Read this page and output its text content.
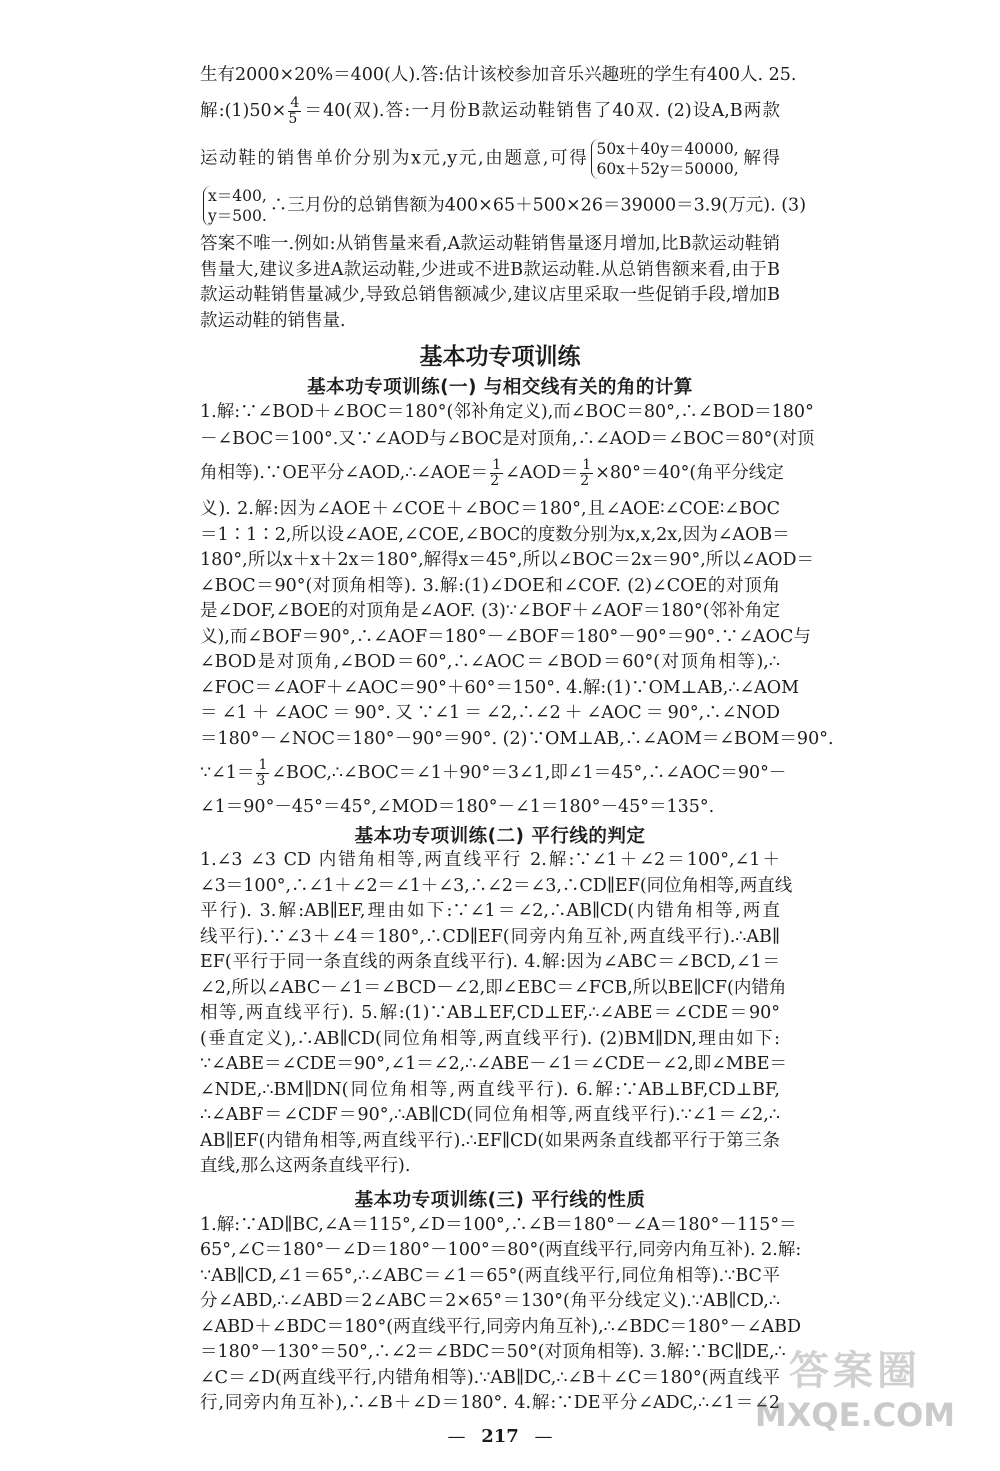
生有2000×20%＝400(人).答:估计该校参加音乐兴趣班的学生有400人. 25.
解:(1)50× $\frac{4}{5} =40$(双).答:一月份B款运动鞋销售了40双. (2)设A,B两款
运动鞋的销售单价分别为x元,y元,由题意,可得 50x＋40y＝40000,
60x＋52y＝50000,
解得
x＝400,
y＝500.
∴三月份的总销售额为400×65＋500×26＝39000＝3.9(万元). (3)
答案不唯一.例如:从销售量来看,A款运动鞋销售量逐月增加,比B款运动鞋销
售量大,建议多进A款运动鞋,少进或不进B款运动鞋.从总销售额来看,由于B
款运动鞋销售量减少,导致总销售额减少,建议店里采取一些促销手段,增加B
款运动鞋的销售量.
基本功专项训练
基本功专项训练(一) 与相交线有关的角的计算
1.解:∵∠BOD＋∠BOC＝180°(邻补角定义),而∠BOC＝80°,∴∠BOD＝180°
－∠BOC＝100°.又∵∠AOD与∠BOC是对顶角,∴∠AOD＝∠BOC＝80°(对顶
角相等).∵OE平分∠AOD,∴∠AOE＝ $\frac{1}{2}$ ∠AOD＝ $\frac{1}{2} \times 80^\circ=40^\circ$(角平分线定
义). 2.解:因为∠AOE＋∠COE＋∠BOC＝180°,且∠AOE∶∠COE∶∠BOC
＝1∶1∶2,所以设∠AOE,∠COE,∠BOC的度数分别为x,x,2x,因为∠AOB＝
180°,所以x＋x＋2x＝180°,解得x＝45°,所以∠BOC＝2x＝90°,所以∠AOD＝
∠BOC＝90°(对顶角相等). 3.解:(1)∠DOE和∠COF. (2)∠COE的对顶角
是∠DOF,∠BOE的对顶角是∠AOF. (3)∵∠BOF＋∠AOF＝180°(邻补角定
义),而∠BOF＝90°,∴∠AOF＝180°－∠BOF＝180°－90°＝90°.∵∠AOC与
∠BOD是对顶角,∠BOD＝60°,∴∠AOC＝∠BOD＝60°(对顶角相等),∴
∠FOC＝∠AOF＋∠AOC＝90°＋60°＝150°. 4.解:(1)∵OM⊥AB,∴∠AOM
＝∠1＋∠AOC＝90°.又∵∠1＝∠2,∴∠2＋∠AOC＝90°,∴∠NOD
＝180°－∠NOC＝180°－90°＝90°. (2)∵OM⊥AB,∴∠AOM＝∠BOM＝90°.
∵∠1＝ $\frac{1}{3}$ ∠BOC,∴∠BOC＝∠1＋90°＝3∠1,即∠1＝45°,∴∠AOC＝90°－
∠1＝90°－45°＝45°,∠MOD＝180°－∠1＝180°－45°＝135°.
基本功专项训练(二) 平行线的判定
1.∠3 ∠3 CD 内错角相等,两直线平行 2.解:∵∠1＋∠2＝100°,∠1＋
∠3＝100°,∴∠1＋∠2＝∠1＋∠3,∴∠2＝∠3,∴CD∥EF(同位角相等,两直线
平行). 3.解:AB∥EF,理由如下:∵∠1＝∠2,∴AB∥CD(内错角相等,两直
线平行).∵∠3＋∠4＝180°,∴CD∥EF(同旁内角互补,两直线平行).∴AB∥
EF(平行于同一条直线的两条直线平行). 4.解:因为∠ABC＝∠BCD,∠1＝
∠2,所以∠ABC－∠1＝∠BCD－∠2,即∠EBC＝∠FCB,所以BE∥CF(内错角
相等,两直线平行). 5.解:(1)∵AB⊥EF,CD⊥EF,∴∠ABE＝∠CDE＝90°
(垂直定义),∴AB∥CD(同位角相等,两直线平行). (2)BM∥DN,理由如下:
∵∠ABE＝∠CDE＝90°,∠1＝∠2,∴∠ABE－∠1＝∠CDE－∠2,即∠MBE＝
∠NDE,∴BM∥DN(同位角相等,两直线平行). 6.解:∵AB⊥BF,CD⊥BF,
∴∠ABF＝∠CDF＝90°,∴AB∥CD(同位角相等,两直线平行).∵∠1＝∠2,∴
AB∥EF(内错角相等,两直线平行).∴EF∥CD(如果两条直线都平行于第三条
直线,那么这两条直线平行).
基本功专项训练(三) 平行线的性质
1.解:∵AD∥BC,∠A＝115°,∠D＝100°,∴∠B＝180°－∠A＝180°－115°＝
65°,∠C＝180°－∠D＝180°－100°＝80°(两直线平行,同旁内角互补). 2.解:
∵AB∥CD,∠1＝65°,∴∠ABC＝∠1＝65°(两直线平行,同位角相等).∵BC平
分∠ABD,∴∠ABD＝2∠ABC＝2×65°＝130°(角平分线定义).∵AB∥CD,∴
∠ABD＋∠BDC＝180°(两直线平行,同旁内角互补),∴∠BDC＝180°－∠ABD
＝180°－130°＝50°,∴∠2＝∠BDC＝50°(对顶角相等). 3.解:∵BC∥DE,∴
∠C＝∠D(两直线平行,内错角相等).∵AB∥DC,∴∠B＋∠C＝180°(两直线平
行,同旁内角互补),∴∠B＋∠D＝180°. 4.解:∵DE平分∠ADC,∴∠1＝∠2
— 217 —
答案圈
MXQE.COM
